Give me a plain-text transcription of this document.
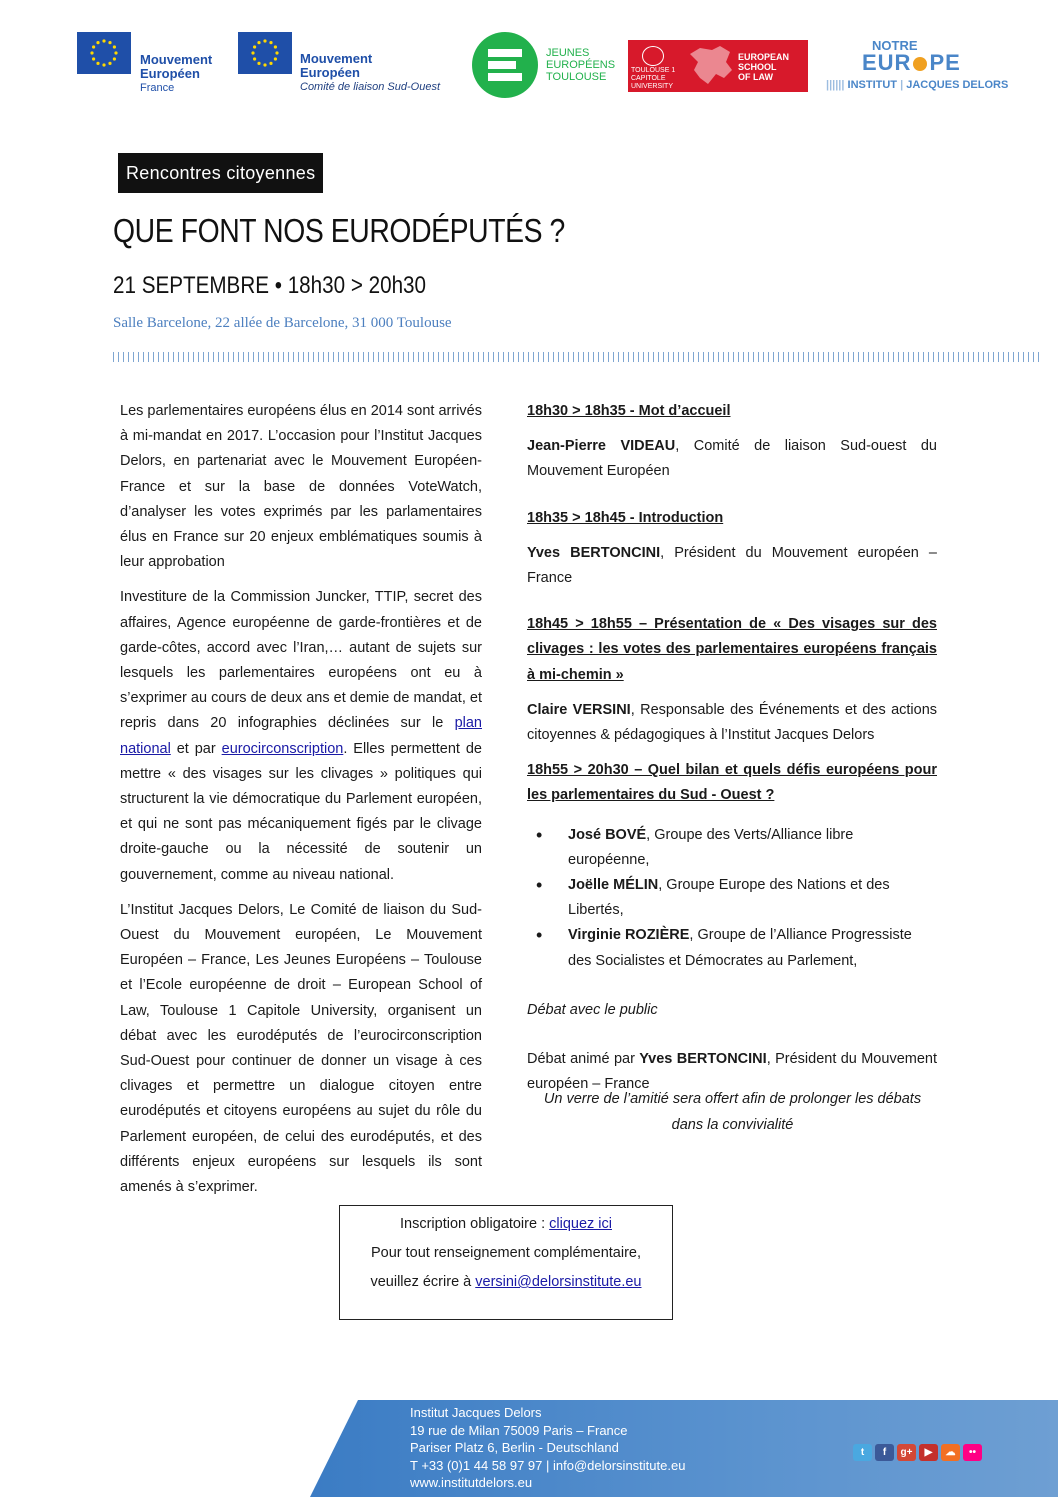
Mouvement
Européen
France
Mouvement
Européen
Comité de liaison Sud-Ouest
JEUNES
EUROPÉENS
TOULOUSE
TOULOUSE 1
CAPITOLE
UNIVERSITY
EUROPEAN
SCHOOL
OF LAW
NOTRE
EUR PE
|||||| INSTITUT | JACQUES DELORS
Rencontres citoyennes
QUE FONT NOS EURODÉPUTÉS ?
21 SEPTEMBRE • 18h30 > 20h30
Salle Barcelone, 22 allée de Barcelone, 31 000 Toulouse

Les parlementaires européens élus en 2014 sont arrivés à mi-mandat en 2017. L’occasion pour l’Institut Jacques Delors, en partenariat avec le Mouvement Européen-France et sur la base de données VoteWatch, d’analyser les votes exprimés par les parlamentaires élus en France sur 20 enjeux emblématiques soumis à leur approbation

Investiture de la Commission Juncker, TTIP, secret des affaires, Agence européenne de garde-frontières et de garde-côtes, accord avec l’Iran,… autant de sujets sur lesquels les parlementaires européens ont eu à s’exprimer au cours de deux ans et demie de mandat, et repris dans 20 infographies déclinées sur le plan national et par eurocirconscription. Elles permettent de mettre « des visages sur les clivages » politiques qui structurent la vie démocratique du Parlement européen, et qui ne sont pas mécaniquement figés par le clivage droite-gauche ou la nécessité de soutenir un gouvernement, comme au niveau national.

L’Institut Jacques Delors, Le Comité de liaison du Sud-Ouest du Mouvement européen, Le Mouvement Européen – France, Les Jeunes Européens – Toulouse et l’Ecole européenne de droit – European School of Law, Toulouse 1 Capitole University, organisent un débat avec les eurodéputés de l’eurocirconscription Sud-Ouest pour continuer de donner un visage à ces clivages et permettre un dialogue citoyen entre eurodéputés et citoyens européens au sujet du rôle du Parlement européen, de celui des eurodéputés, et des différents enjeux européens sur lesquels ils sont amenés à s’exprimer.

18h30 > 18h35 - Mot d’accueil

Jean-Pierre VIDEAU, Comité de liaison Sud-ouest du Mouvement Européen

18h35 > 18h45 - Introduction

Yves BERTONCINI, Président du Mouvement européen – France

18h45 > 18h55 – Présentation de « Des visages sur des clivages : les votes des parlementaires européens français à mi-chemin »

Claire VERSINI, Responsable des Événements et des actions citoyennes & pédagogiques à l’Institut Jacques Delors

18h55 > 20h30 – Quel bilan et quels défis européens pour les parlementaires du Sud - Ouest ?

• José BOVÉ, Groupe des Verts/Alliance libre européenne,
• Joëlle MÉLIN, Groupe Europe des Nations et des Libertés,
• Virginie ROZIÈRE, Groupe de l’Alliance Progressiste des Socialistes et Démocrates au Parlement,

Débat avec le public

Débat animé par Yves BERTONCINI, Président du Mouvement européen – France

Un verre de l’amitié sera offert afin de prolonger les débats dans la convivialité
Inscription obligatoire : cliquez ici
Pour tout renseignement complémentaire, veuillez écrire à versini@delorsinstitute.eu
Institut Jacques Delors
19 rue de Milan 75009 Paris – France
Pariser Platz 6, Berlin - Deutschland
T +33 (0)1 44 58 97 97 | info@delorsinstitute.eu
www.institutdelors.eu
t	f	g+	▶	☁	••
